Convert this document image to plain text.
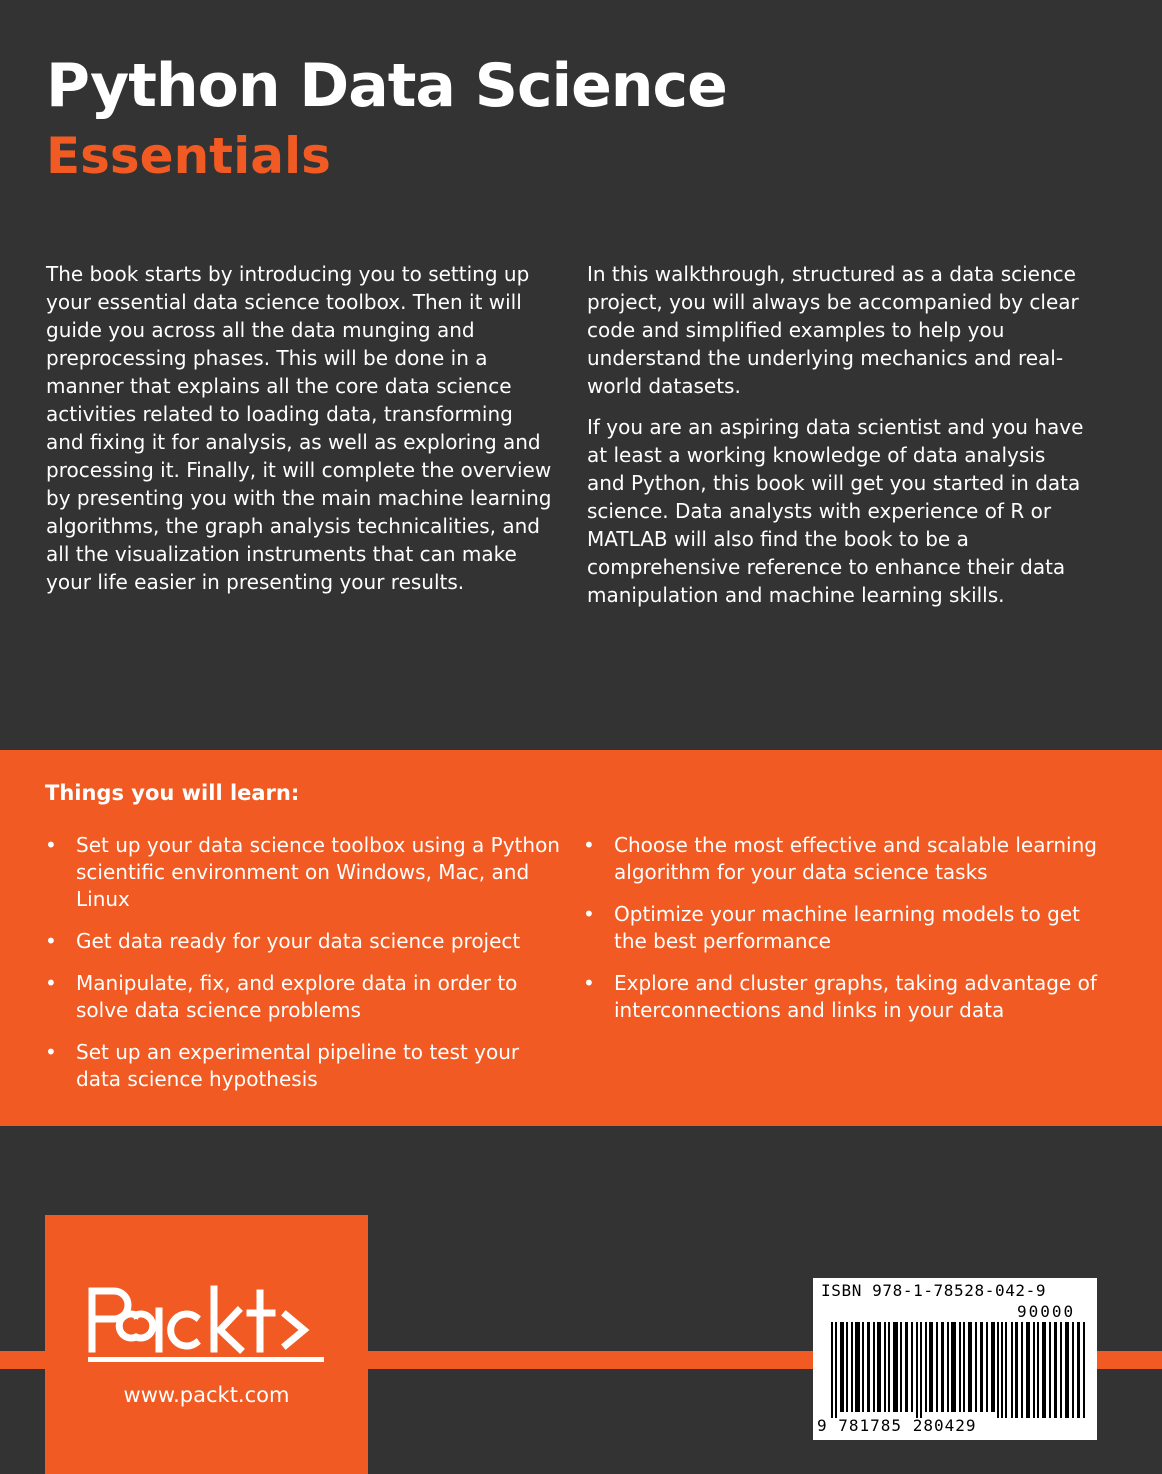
Python Data Science
Essentials

The book starts by introducing you to setting up your essential data science toolbox. Then it will guide you across all the data munging and preprocessing phases. This will be done in a manner that explains all the core data science activities related to loading data, transforming and fixing it for analysis, as well as exploring and processing it. Finally, it will complete the overview by presenting you with the main machine learning algorithms, the graph analysis technicalities, and all the visualization instruments that can make your life easier in presenting your results.

In this walkthrough, structured as a data science project, you will always be accompanied by clear code and simplified examples to help you understand the underlying mechanics and real-world datasets.

If you are an aspiring data scientist and you have at least a working knowledge of data analysis and Python, this book will get you started in data science. Data analysts with experience of R or MATLAB will also find the book to be a comprehensive reference to enhance their data manipulation and machine learning skills.

Things you will learn:
• Set up your data science toolbox using a Python scientific environment on Windows, Mac, and Linux
• Get data ready for your data science project
• Manipulate, fix, and explore data in order to solve data science problems
• Set up an experimental pipeline to test your data science hypothesis
• Choose the most effective and scalable learning algorithm for your data science tasks
• Optimize your machine learning models to get the best performance
• Explore and cluster graphs, taking advantage of interconnections and links in your data
www.packt.com

ISBN 978-1-78528-042-9

90000

9 781785 280429
